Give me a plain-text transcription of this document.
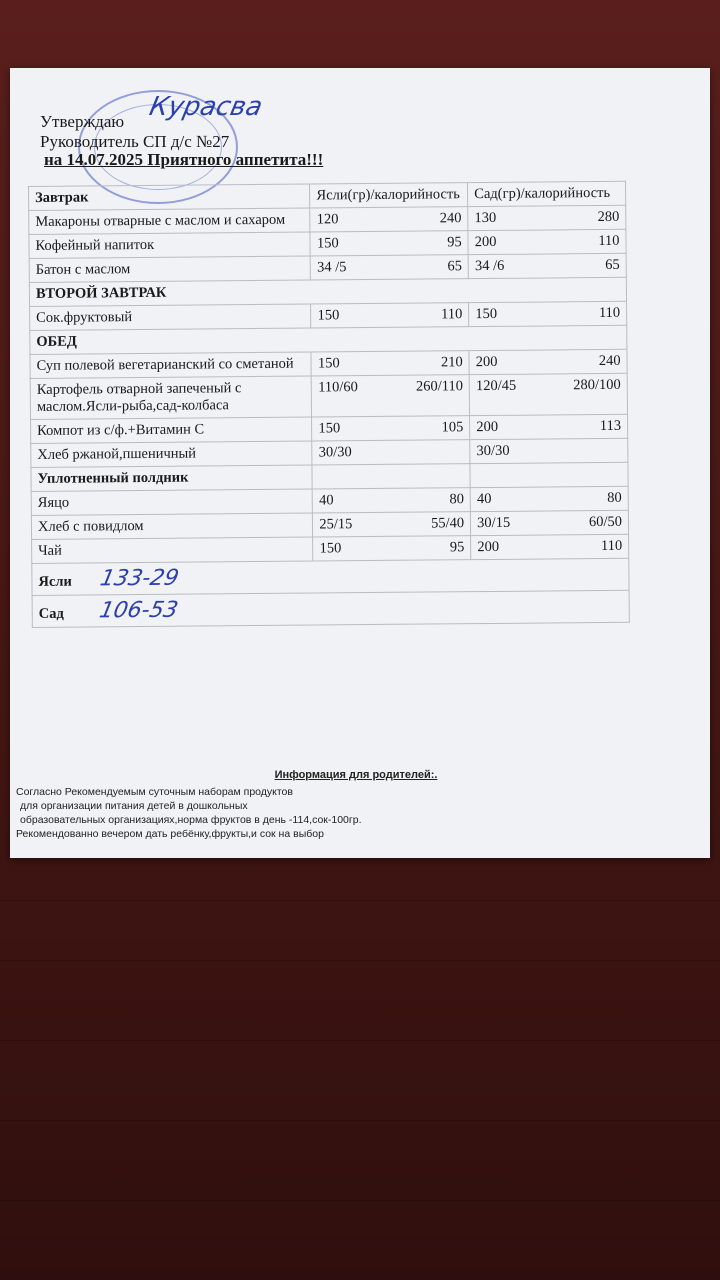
Курасва
Утверждаю
Руководитель СП д/с №27
на 14.07.2025 Приятного аппетита!!!
Завтрак	Ясли(гр)/калорийность	Сад(гр)/калорийность
Макароны отварные с маслом и сахаром	120 240	130 280

Кофейный напиток	150 95	200 110

Батон с маслом	34 /5 65	34 /6 65

ВТОРОЙ ЗАВТРАК		
Сок.фруктовый	150 110	150 110

ОБЕД		
Суп полевой вегетарианский со сметаной	150 210	200 240

Картофель отварной запеченый с маслом.Ясли-рыба,сад-колбаса	110/60 260/110	120/45 280/100

Компот из с/ф.+Витамин С	150 105	200 113

Хлеб ржаной,пшеничный	30/30	30/30

Уплотненный полдник		
Яяцо	40 80	40 80

Хлеб с повидлом	25/15 55/40	30/15 60/50

Чай	150 95	200 110

Ясли 133-29		
Сад 106-53		
Информация для родителей:.
Согласно Рекомендуемым суточным наборам продуктов
для организации питания детей в дошкольных
образовательных организациях,норма фруктов в день -114,сок-100гр.
Рекомендованно вечером дать ребёнку,фрукты,и сок на выбор
